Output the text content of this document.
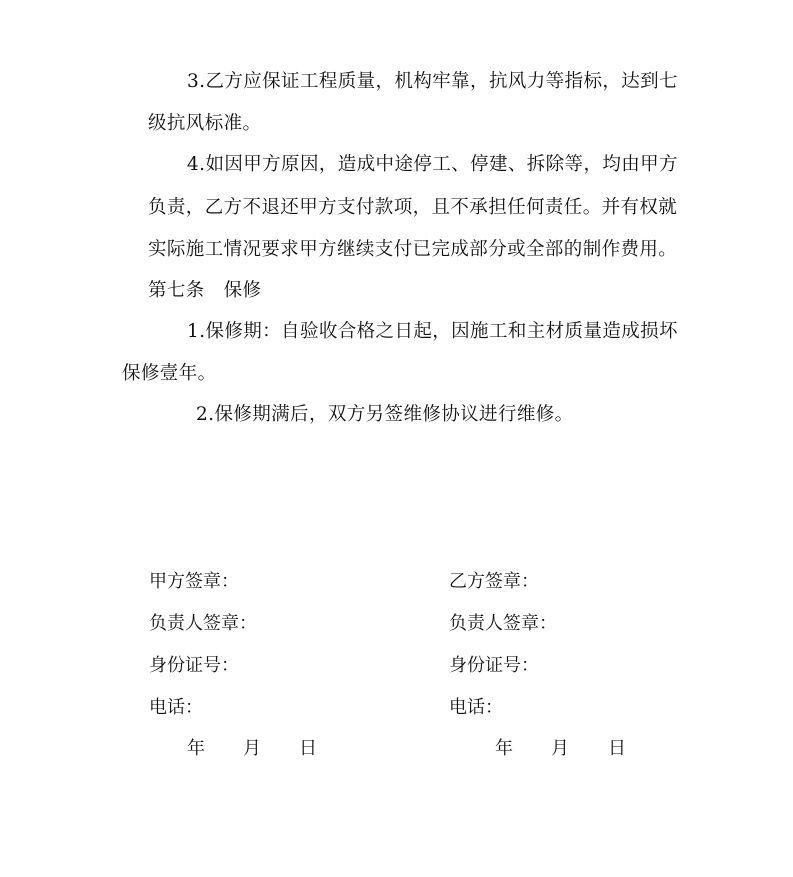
3.乙方应保证工程质量，机构牢靠，抗风力等指标，达到七
级抗风标准。
4.如因甲方原因，造成中途停工、停建、拆除等，均由甲方
负责，乙方不退还甲方支付款项，且不承担任何责任。并有权就
实际施工情况要求甲方继续支付已完成部分或全部的制作费用。
第七条　保修
1.保修期：自验收合格之日起，因施工和主材质量造成损坏
保修壹年。
2.保修期满后，双方另签维修协议进行维修。
甲方签章：
负责人签章：
身份证号：
电话：
年 月 日
乙方签章：
负责人签章：
身份证号：
电话：
年 月 日
